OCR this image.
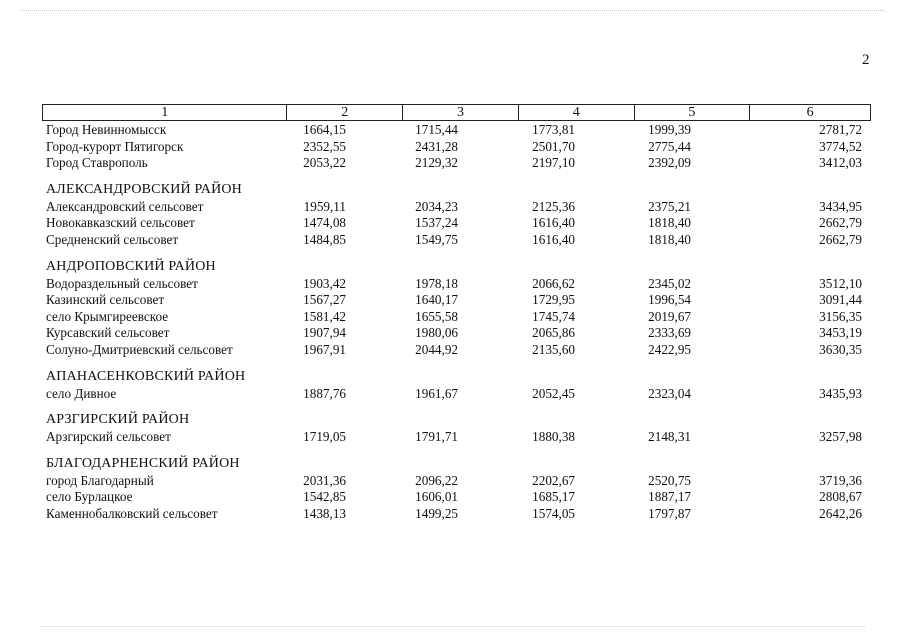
2
1	2	3	4	5	6
Город Невинномысск	1664,15	1715,44	1773,81	1999,39	2781,72
Город-курорт Пятигорск	2352,55	2431,28	2501,70	2775,44	3774,52
Город Ставрополь	2053,22	2129,32	2197,10	2392,09	3412,03
АЛЕКСАНДРОВСКИЙ РАЙОН
Александровский сельсовет	1959,11	2034,23	2125,36	2375,21	3434,95
Новокавказский сельсовет	1474,08	1537,24	1616,40	1818,40	2662,79
Средненский сельсовет	1484,85	1549,75	1616,40	1818,40	2662,79
АНДРОПОВСКИЙ РАЙОН
Водораздельный сельсовет	1903,42	1978,18	2066,62	2345,02	3512,10
Казинский сельсовет	1567,27	1640,17	1729,95	1996,54	3091,44
село Крымгиреевское	1581,42	1655,58	1745,74	2019,67	3156,35
Курсавский сельсовет	1907,94	1980,06	2065,86	2333,69	3453,19
Солуно-Дмитриевский сельсовет	1967,91	2044,92	2135,60	2422,95	3630,35
АПАНАСЕНКОВСКИЙ РАЙОН
село Дивное	1887,76	1961,67	2052,45	2323,04	3435,93
АРЗГИРСКИЙ РАЙОН
Арзгирский сельсовет	1719,05	1791,71	1880,38	2148,31	3257,98
БЛАГОДАРНЕНСКИЙ РАЙОН
город Благодарный	2031,36	2096,22	2202,67	2520,75	3719,36
село Бурлацкое	1542,85	1606,01	1685,17	1887,17	2808,67
Каменнобалковский сельсовет	1438,13	1499,25	1574,05	1797,87	2642,26
